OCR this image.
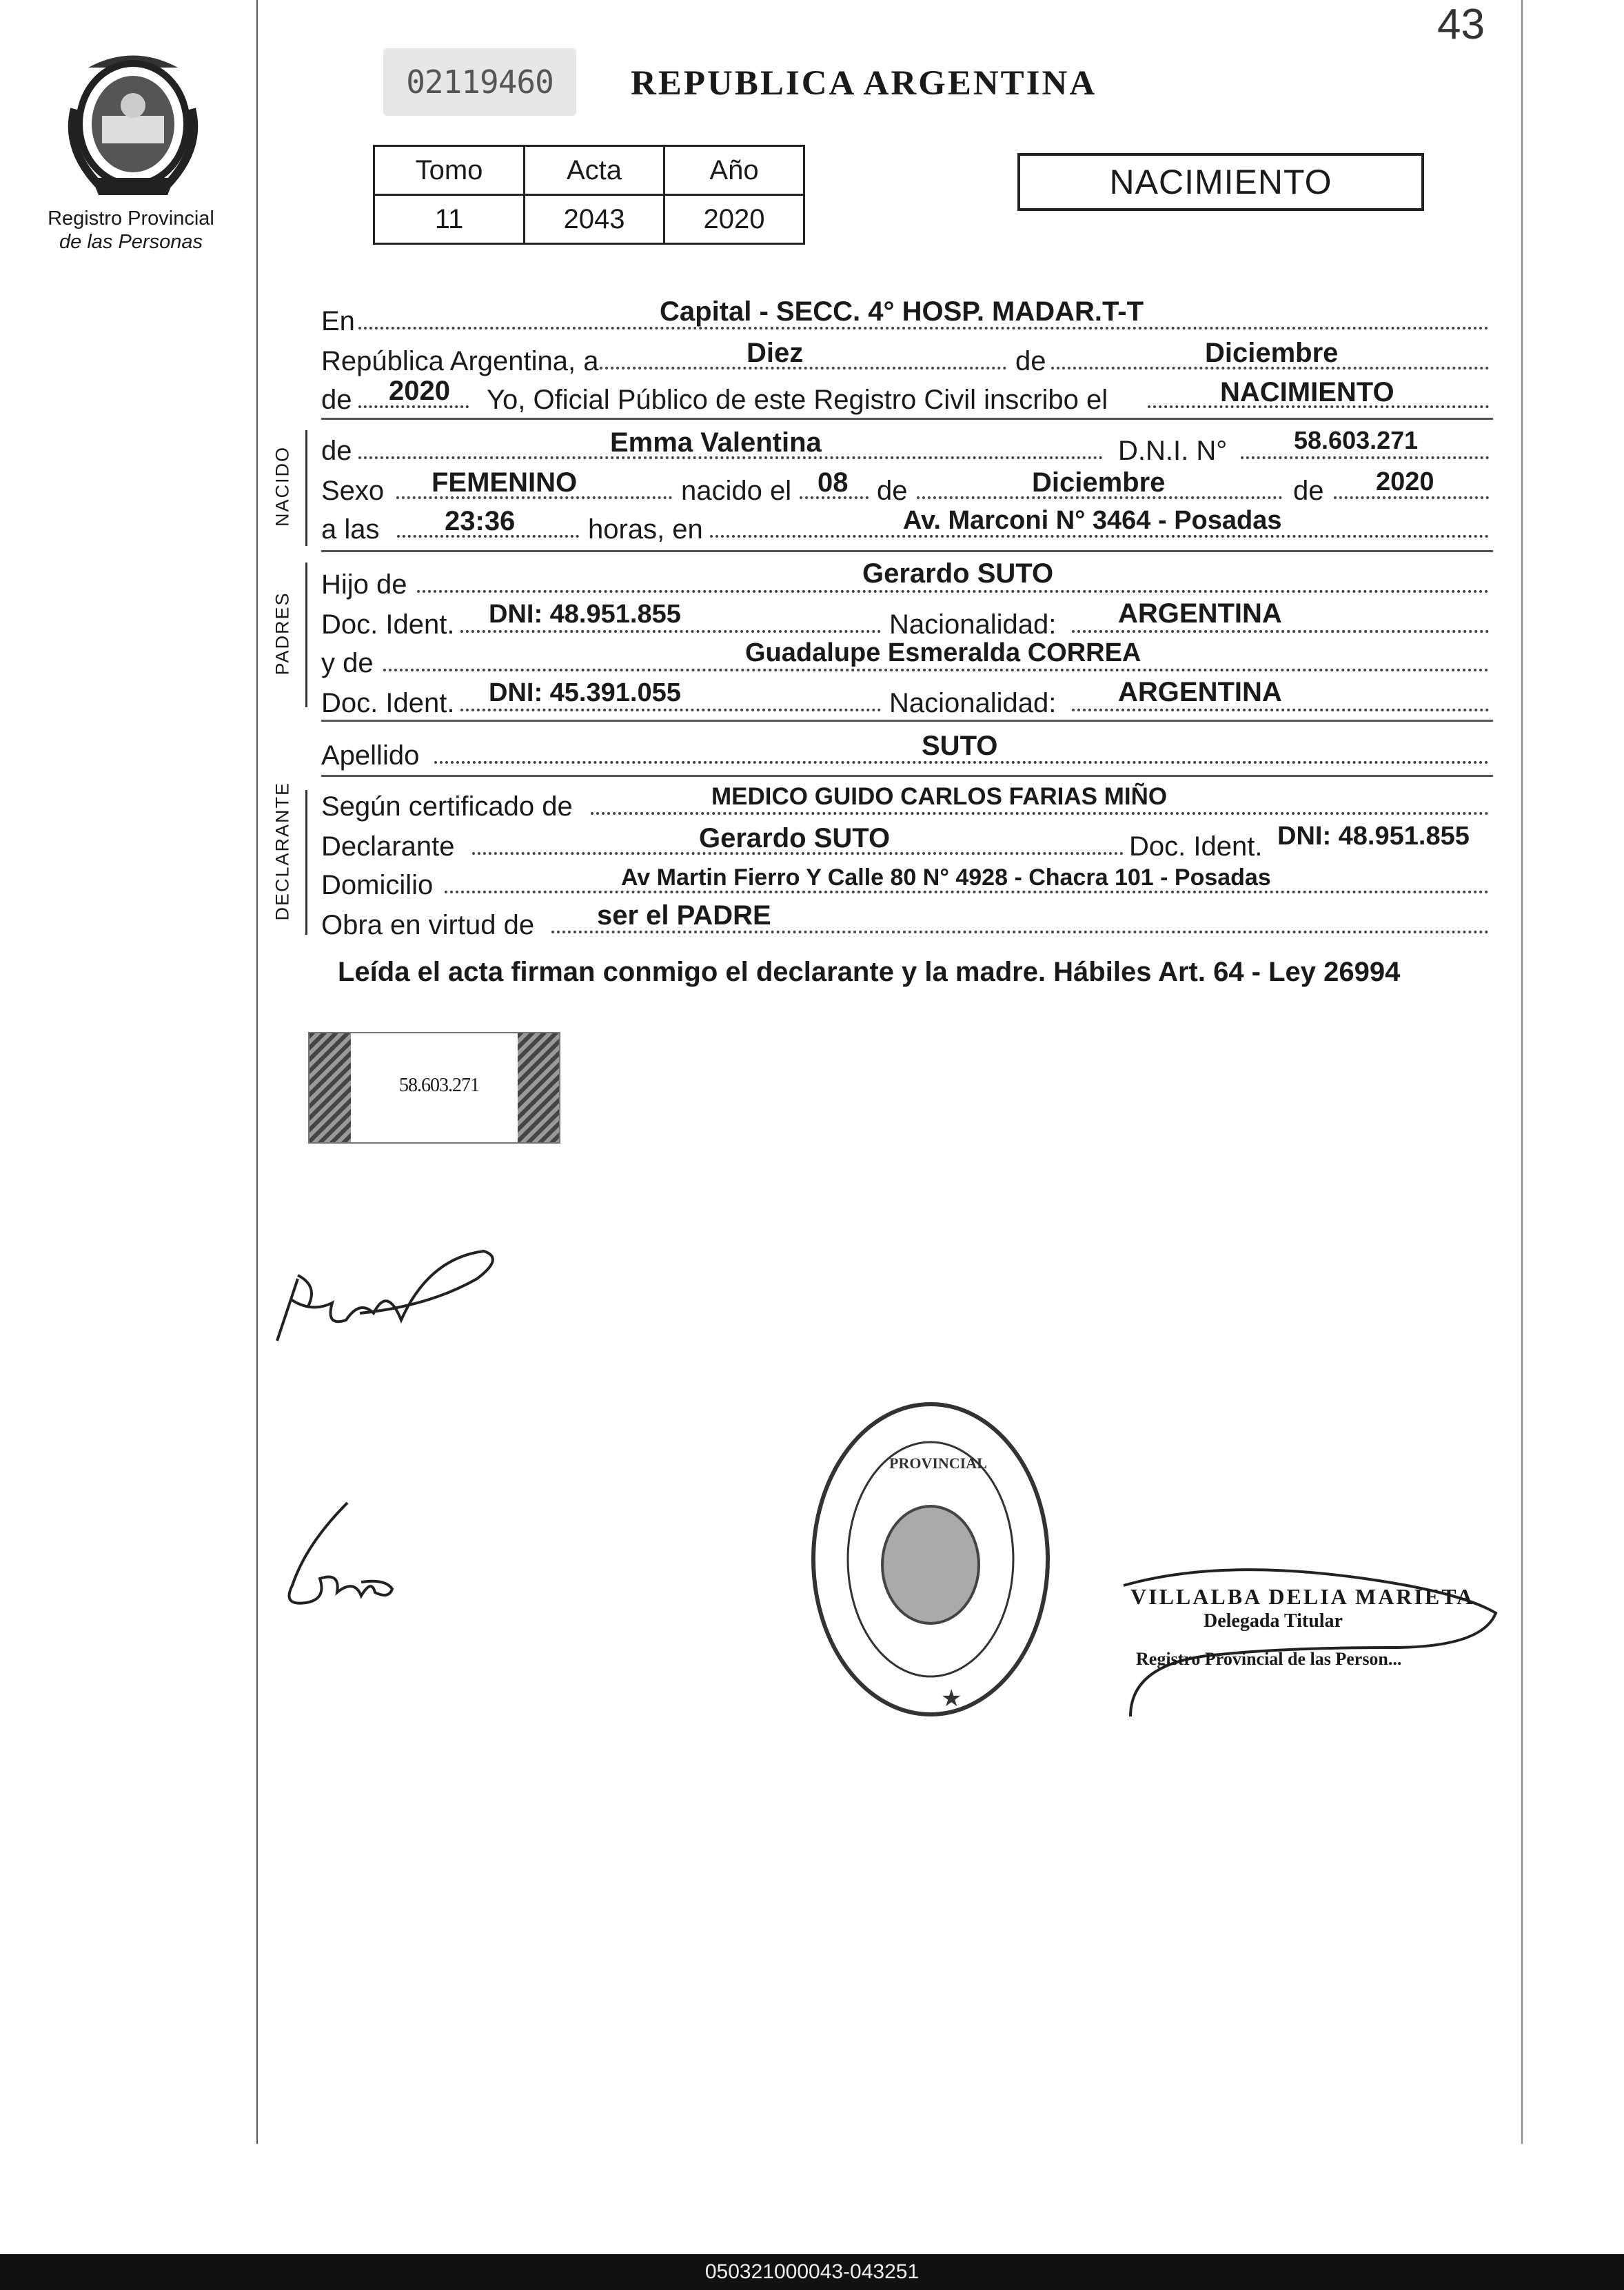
43
Registro Provincial
de las Personas
02119460	REPUBLICA ARGENTINA
Tomo	Acta	Año
11	2043	2020
NACIMIENTO
En	Capital - SECC. 4° HOSP. MADAR.T-T
República Argentina, a	Diez	de	Diciembre
de 2020 Yo, Oficial Público de este Registro Civil inscribo el	NACIMIENTO
NACIDO de	Emma Valentina	D.N.I. N°	58.603.271
Sexo FEMENINO	nacido el 08 de	Diciembre	de 2020
a las 23:36	horas, en	Av. Marconi N° 3464 - Posadas
PADRES
Hijo de	Gerardo SUTO
Doc. Ident. DNI: 48.951.855	Nacionalidad: ARGENTINA
y de	Guadalupe Esmeralda CORREA
Doc. Ident. DNI: 45.391.055	Nacionalidad: ARGENTINA
Apellido	SUTO
DECLARANTE Según certificado de	MEDICO GUIDO CARLOS FARIAS MIÑO
Declarante	Gerardo SUTO	Doc. Ident. DNI: 48.951.855
Domicilio	Av Martin Fierro Y Calle 80 N° 4928 - Chacra 101 - Posadas
Obra en virtud de ser el PADRE
Leída el acta firman conmigo el declarante y la madre. Hábiles Art. 64 - Ley 26994
58.603.271
PROVINCIAL
★
VILLALBA DELIA MARIETA
Delegada Titular
Registro Provincial de las Person...
050321000043-043251
